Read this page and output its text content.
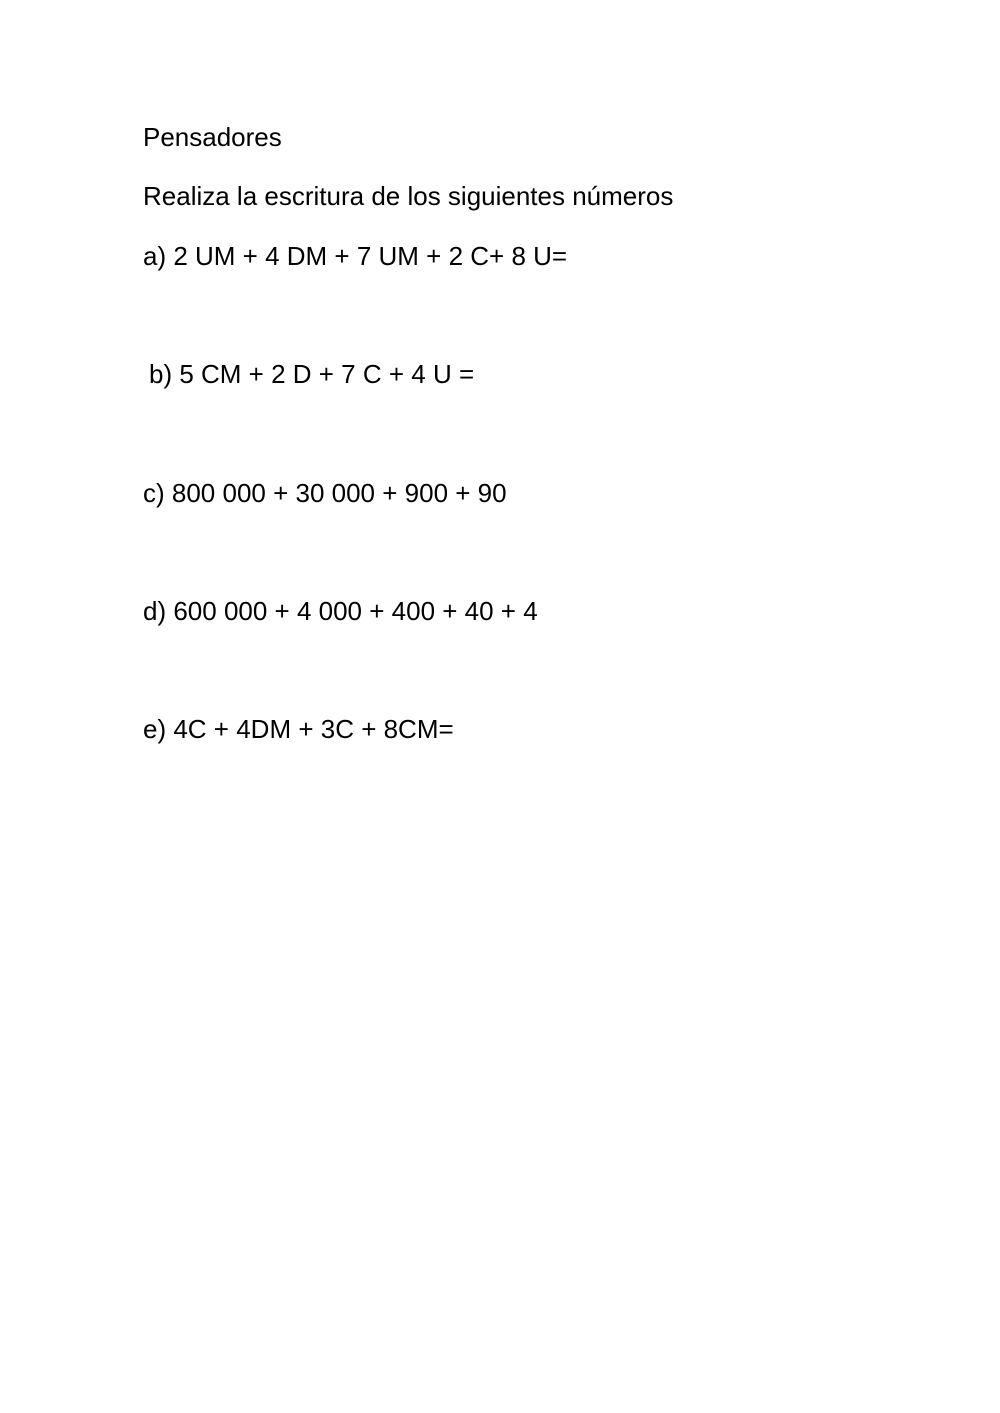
Pensadores
Realiza la escritura de los siguientes números
a) 2 UM + 4 DM + 7 UM + 2 C+ 8 U=
b) 5 CM + 2 D + 7 C + 4 U =
c) 800 000 + 30 000 + 900 + 90
d) 600 000 + 4 000 + 400 + 40 + 4
e) 4C + 4DM + 3C + 8CM=
